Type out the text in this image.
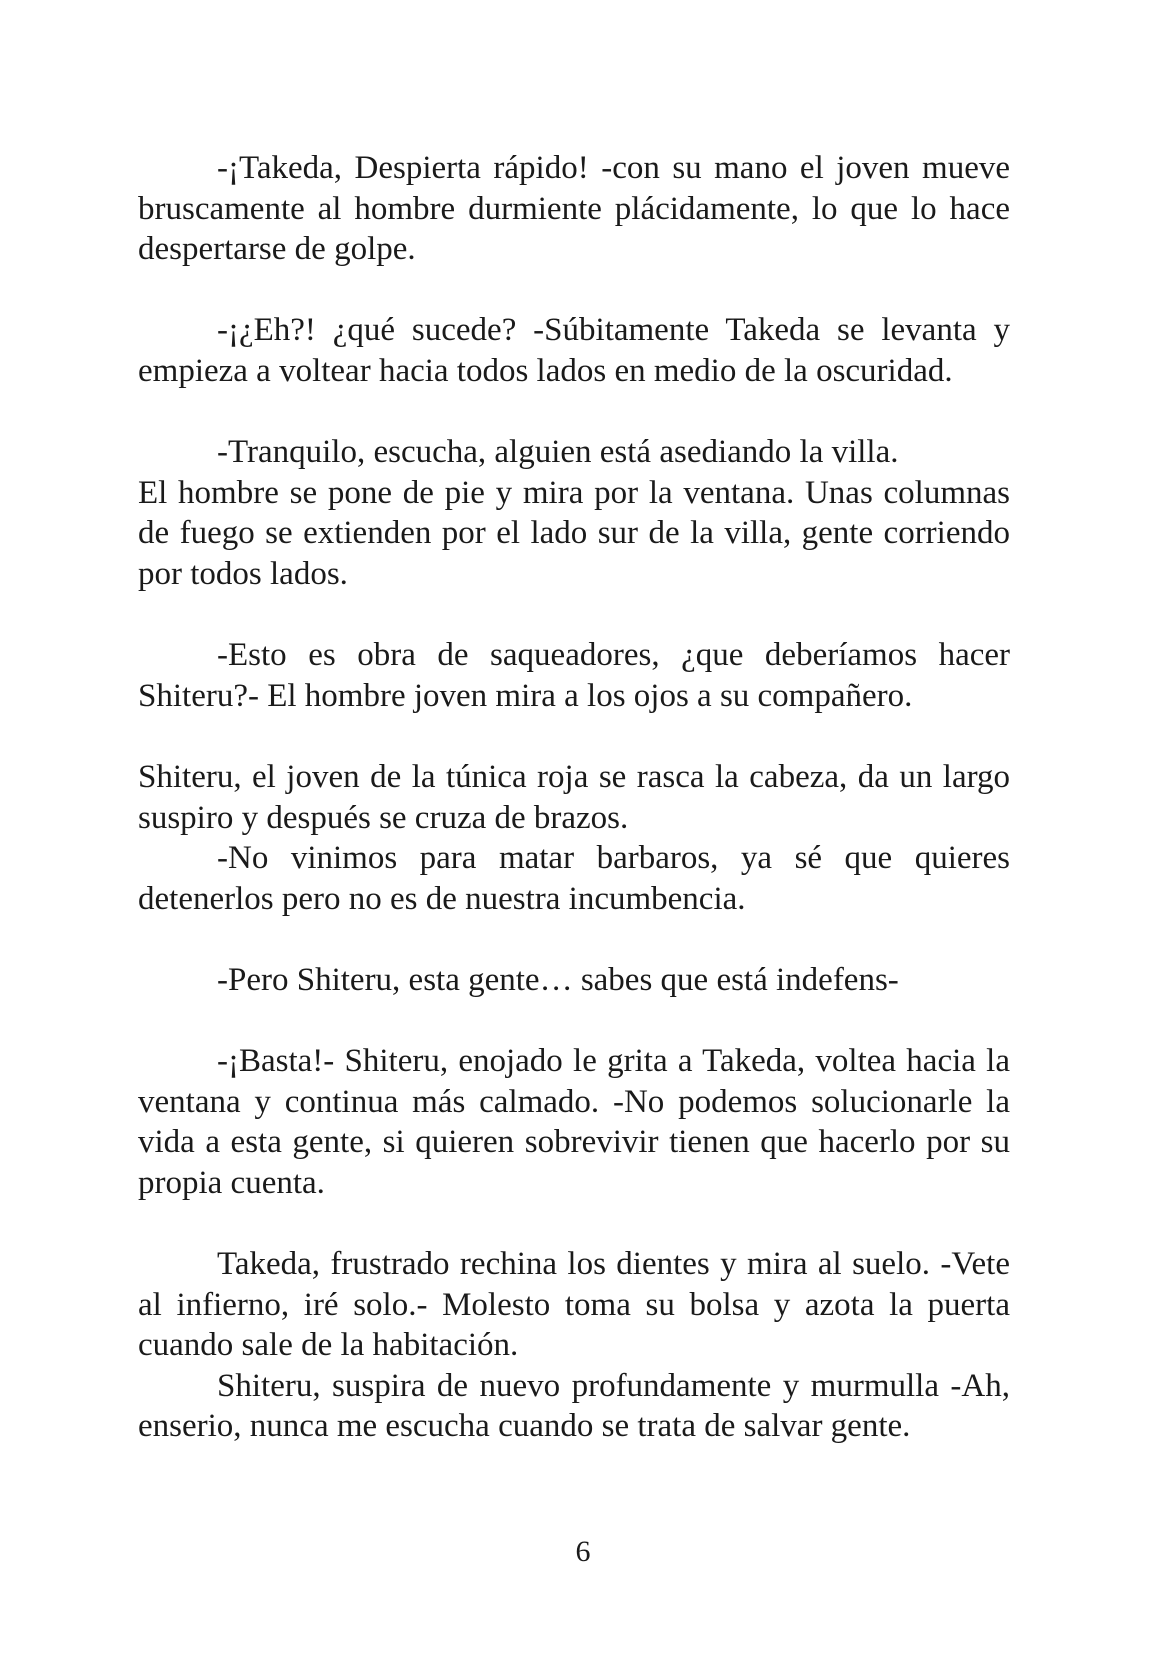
-¡Takeda, Despierta rápido! -con su mano el joven mueve bruscamente al hombre durmiente plácidamente, lo que lo hace despertarse de golpe.

-¡¿Eh?! ¿qué sucede? -Súbitamente Takeda se levanta y empieza a voltear hacia todos lados en medio de la oscuridad.

-Tranquilo, escucha, alguien está asediando la villa.

El hombre se pone de pie y mira por la ventana. Unas columnas de fuego se extienden por el lado sur de la villa, gente corriendo por todos lados.

-Esto es obra de saqueadores, ¿que deberíamos hacer Shiteru?- El hombre joven mira a los ojos a su compañero.

Shiteru, el joven de la túnica roja se rasca la cabeza, da un largo suspiro y después se cruza de brazos.

-No vinimos para matar barbaros, ya sé que quieres detenerlos pero no es de nuestra incumbencia.

-Pero Shiteru, esta gente… sabes que está indefens-

-¡Basta!- Shiteru, enojado le grita a Takeda, voltea hacia la ventana y continua más calmado. -No podemos solucionarle la vida a esta gente, si quieren sobrevivir tienen que hacerlo por su propia cuenta.

Takeda, frustrado rechina los dientes y mira al suelo. -Vete al infierno, iré solo.- Molesto toma su bolsa y azota la puerta cuando sale de la habitación.

Shiteru, suspira de nuevo profundamente y murmulla -Ah, enserio, nunca me escucha cuando se trata de salvar gente.

6
